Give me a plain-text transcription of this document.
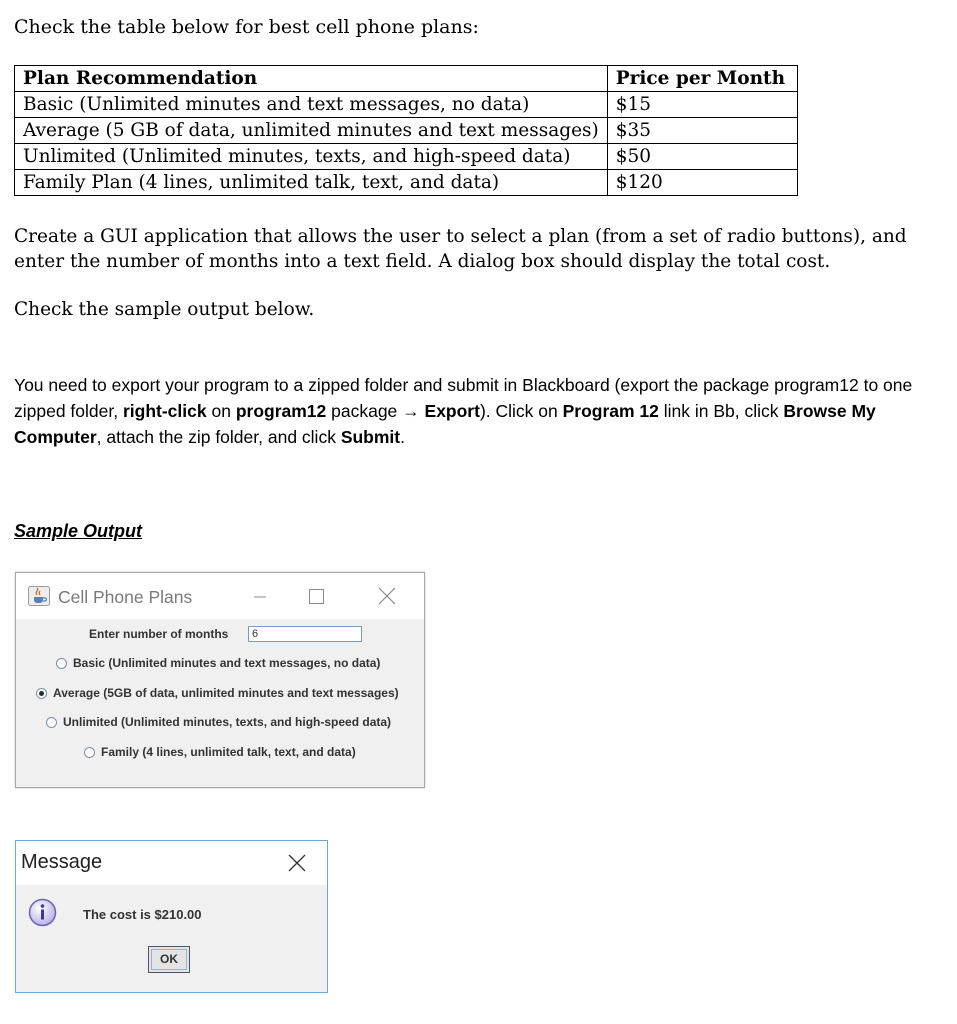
Check the table below for best cell phone plans:
Plan Recommendation	Price per Month
Basic (Unlimited minutes and text messages, no data)	$15
Average (5 GB of data, unlimited minutes and text messages)	$35
Unlimited (Unlimited minutes, texts, and high-speed data)	$50
Family Plan (4 lines, unlimited talk, text, and data)	$120
Create a GUI application that allows the user to select a plan (from a set of radio buttons), and enter the number of months into a text field. A dialog box should display the total cost.
Check the sample output below.
You need to export your program to a zipped folder and submit in Blackboard (export the package program12 to one zipped folder, right-click on program12 package → Export). Click on Program 12 link in Bb, click Browse My Computer, attach the zip folder, and click Submit.
Sample Output
Cell Phone Plans
Enter number of months
6
Basic (Unlimited minutes and text messages, no data)
Average (5GB of data, unlimited minutes and text messages)
Unlimited (Unlimited minutes, texts, and high-speed data)
Family (4 lines, unlimited talk, text, and data)
Message
The cost is $210.00
OK
